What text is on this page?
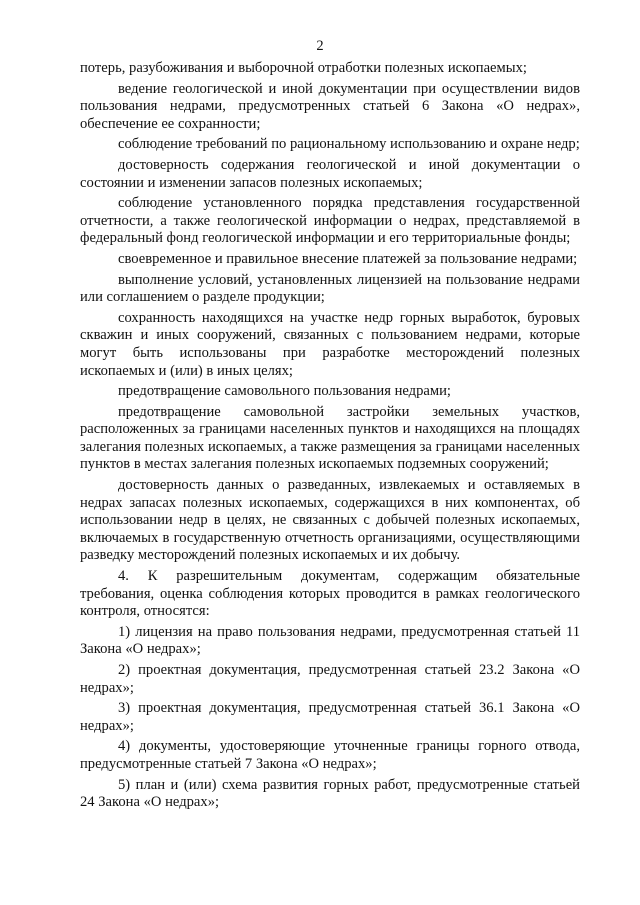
2

потерь, разубоживания и выборочной отработки полезных ископаемых;

ведение геологической и иной документации при осуществлении видов пользования недрами, предусмотренных статьей 6 Закона «О недрах», обеспечение ее сохранности;

соблюдение требований по рациональному использованию и охране недр;

достоверность содержания геологической и иной документации о состоянии и изменении запасов полезных ископаемых;

соблюдение установленного порядка представления государственной отчетности, а также геологической информации о недрах, представляемой в федеральный фонд геологической информации и его территориальные фонды;

своевременное и правильное внесение платежей за пользование недрами;

выполнение условий, установленных лицензией на пользование недрами или соглашением о разделе продукции;

сохранность находящихся на участке недр горных выработок, буровых скважин и иных сооружений, связанных с пользованием недрами, которые могут быть использованы при разработке месторождений полезных ископаемых и (или) в иных целях;

предотвращение самовольного пользования недрами;

предотвращение самовольной застройки земельных участков, расположенных за границами населенных пунктов и находящихся на площадях залегания полезных ископаемых, а также размещения за границами населенных пунктов в местах залегания полезных ископаемых подземных сооружений;

достоверность данных о разведанных, извлекаемых и оставляемых в недрах запасах полезных ископаемых, содержащихся в них компонентах, об использовании недр в целях, не связанных с добычей полезных ископаемых, включаемых в государственную отчетность организациями, осуществляющими разведку месторождений полезных ископаемых и их добычу.

4. К разрешительным документам, содержащим обязательные требования, оценка соблюдения которых проводится в рамках геологического контроля, относятся:

1) лицензия на право пользования недрами, предусмотренная статьей 11 Закона «О недрах»;

2) проектная документация, предусмотренная статьей 23.2 Закона «О недрах»;

3) проектная документация, предусмотренная статьей 36.1 Закона «О недрах»;

4) документы, удостоверяющие уточненные границы горного отвода, предусмотренные статьей 7 Закона «О недрах»;

5) план и (или) схема развития горных работ, предусмотренные статьей 24 Закона «О недрах»;
